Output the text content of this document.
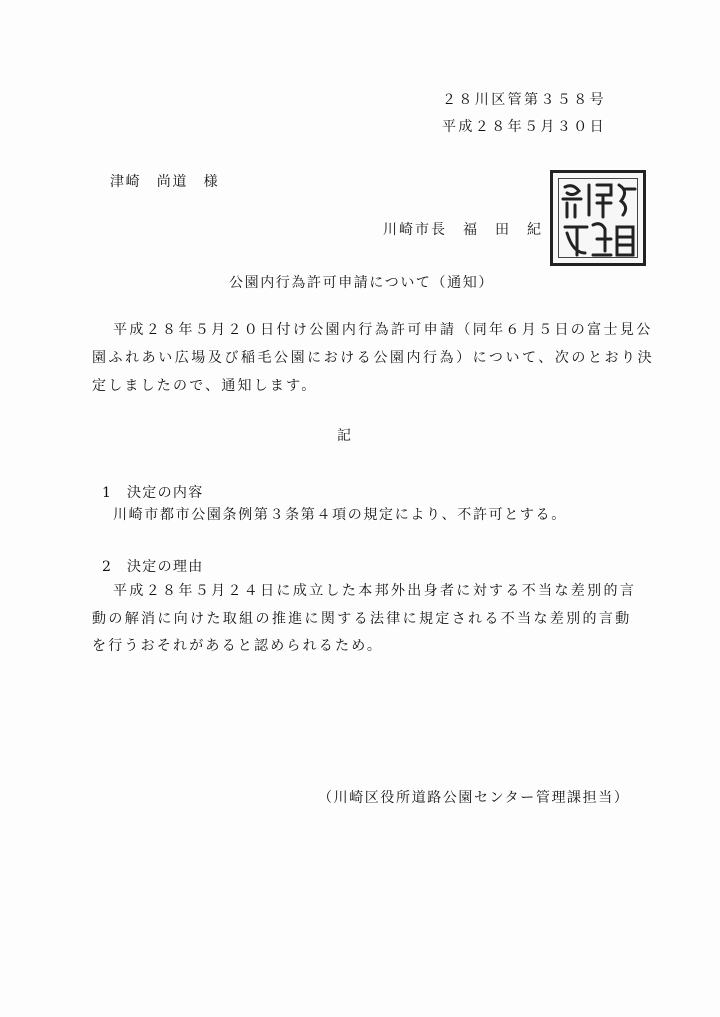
２８川区管第３５８号
平成２８年５月３０日
津崎　尚道　様
川崎市長　福　田　紀
公園内行為許可申請について（通知）
平成２８年５月２０日付け公園内行為許可申請（同年６月５日の富士見公
園ふれあい広場及び稲毛公園における公園内行為）について、次のとおり決
定しましたので、通知します。
記
1 決定の内容
川崎市都市公園条例第３条第４項の規定により、不許可とする。
2 決定の理由
平成２８年５月２４日に成立した本邦外出身者に対する不当な差別的言
動の解消に向けた取組の推進に関する法律に規定される不当な差別的言動
を行うおそれがあると認められるため。
（川崎区役所道路公園センター管理課担当）
